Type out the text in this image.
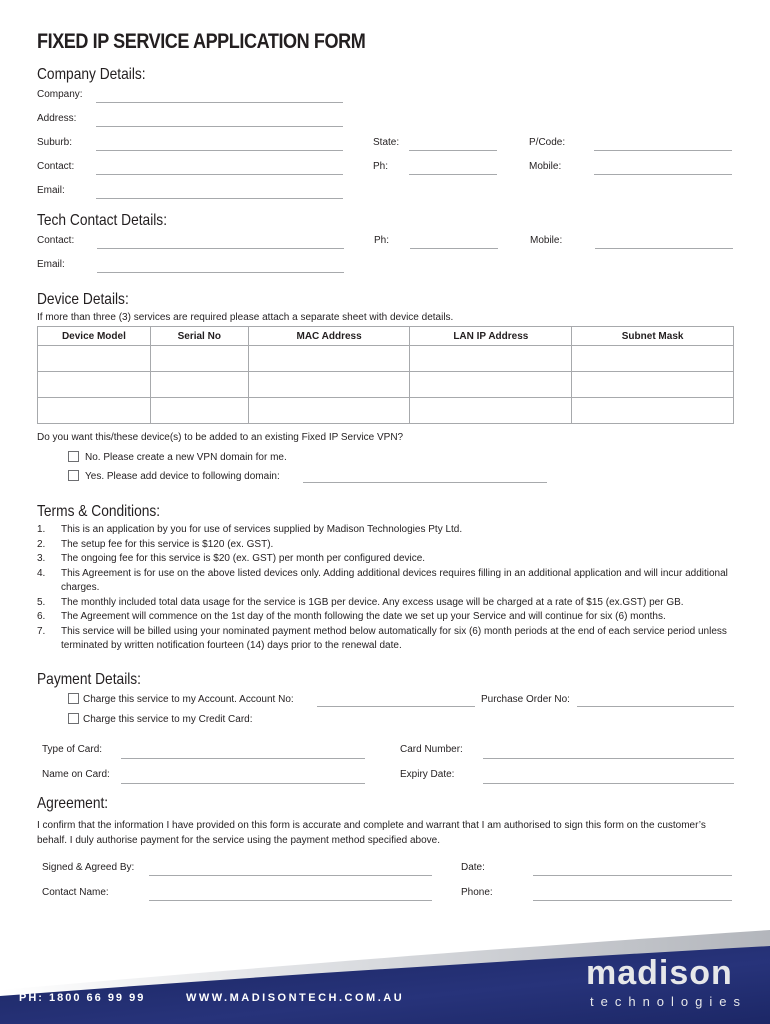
FIXED IP SERVICE APPLICATION FORM
Company Details:
Company:
Address:
Suburb:	State:	P/Code:
Contact:	Ph:	Mobile:
Email:
Tech Contact Details:
Contact:	Ph:	Mobile:
Email:
Device Details:
If more than three (3) services are required please attach a separate sheet with device details.
Device Model	Serial No	MAC Address	LAN IP Address	Subnet Mask

Do you want this/these device(s) to be added to an existing Fixed IP Service VPN?
No. Please create a new VPN domain for me.
Yes. Please add device to following domain:
Terms & Conditions:
1. This is an application by you for use of services supplied by Madison Technologies Pty Ltd.
2. The setup fee for this service is $120 (ex. GST).
3. The ongoing fee for this service is $20 (ex. GST) per month per configured device.
4. This Agreement is for use on the above listed devices only. Adding additional devices requires filling in an additional application and will incur additional charges.
5. The monthly included total data usage for the service is 1GB per device. Any excess usage will be charged at a rate of $15 (ex.GST) per GB.
6. The Agreement will commence on the 1st day of the month following the date we set up your Service and will continue for six (6) months.
7. This service will be billed using your nominated payment method below automatically for six (6) month periods at the end of each service period unless terminated by written notification fourteen (14) days prior to the renewal date.
Payment Details:
Charge this service to my Account. Account No:	Purchase Order No:
Charge this service to my Credit Card:
Type of Card:	Card Number:
Name on Card:	Expiry Date:
Agreement:
I confirm that the information I have provided on this form is accurate and complete and warrant that I am authorised to sign this form on the customer’s behalf. I duly authorise payment for the service using the payment method specified above.
Signed & Agreed By:	Date:
Contact Name:	Phone:
PH: 1800 66 99 99	WWW.MADISONTECH.COM.AU
madison
technologies
